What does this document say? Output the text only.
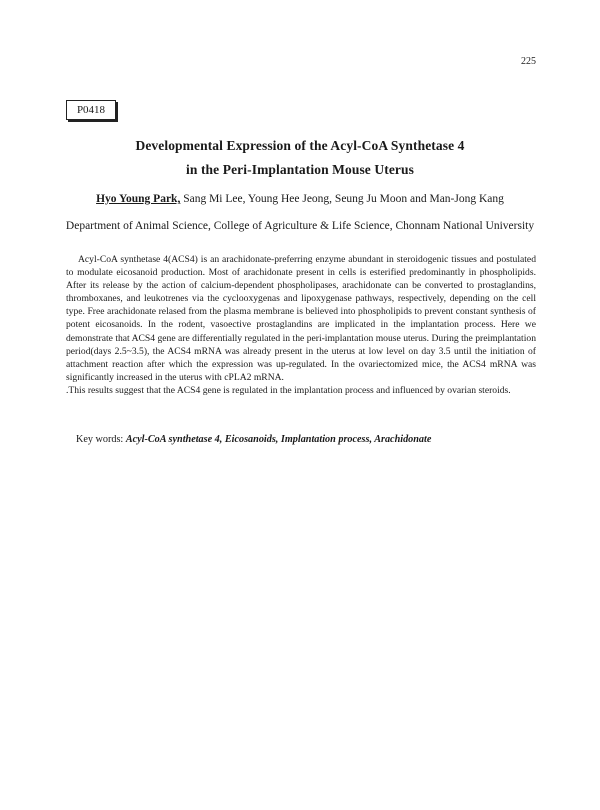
225
P0418
Developmental Expression of the Acyl-CoA Synthetase 4
in the Peri-Implantation Mouse Uterus
Hyo Young Park, Sang Mi Lee, Young Hee Jeong, Seung Ju Moon and Man-Jong Kang
Department of Animal Science, College of Agriculture & Life Science, Chonnam National University

Acyl-CoA synthetase 4(ACS4) is an arachidonate-preferring enzyme abundant in steroidogenic tissues and postulated to modulate eicosanoid production. Most of arachidonate present in cells is esterified predominantly in phospholipids. After its release by the action of calcium-dependent phospholipases, arachidonate can be converted to prostaglandins, thromboxanes, and leukotrenes via the cyclooxygenas and lipoxygenase pathways, respectively, depending on the cell type. Free arachidonate relased from the plasma membrane is believed into phospholipids to prevent constant synthesis of potent eicosanoids. In the rodent, vasoective prostaglandins are implicated in the implantation process. Here we demonstrate that ACS4 gene are differentially regulated in the peri-implantation mouse uterus. During the preimplantation period(days 2.5~3.5), the ACS4 mRNA was already present in the uterus at low level on day 3.5 until the initiation of attachment reaction after which the expression was up-regulated. In the ovariectomized mice, the ACS4 mRNA was significantly increased in the uterus with cPLA2 mRNA.

.This results suggest that the ACS4 gene is regulated in the implantation process and influenced by ovarian steroids.

Key words: Acyl-CoA synthetase 4, Eicosanoids, Implantation process, Arachidonate
